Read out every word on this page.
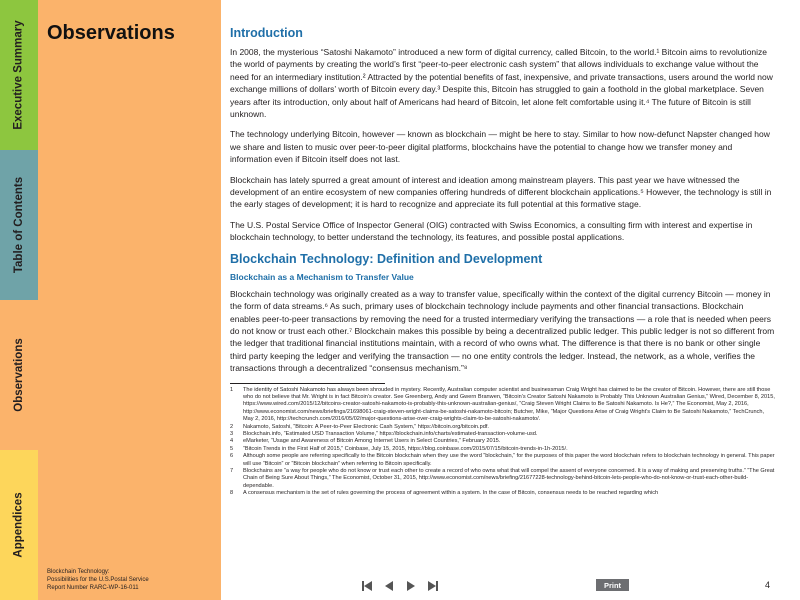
Executive Summary
Table of Contents
Observations
Appendices
Observations
Blockchain Technology:
Possibilities for the U.S.Postal Service
Report Number RARC-WP-16-011
Introduction

In 2008, the mysterious “Satoshi Nakamoto” introduced a new form of digital currency, called Bitcoin, to the world.¹ Bitcoin aims to revolutionize the world of payments by creating the world’s first “peer-to-peer electronic cash system” that allows individuals to exchange value without the need for an intermediary institution.² Attracted by the potential benefits of fast, inexpensive, and private transactions, users around the world now exchange millions of dollars’ worth of Bitcoin every day.³ Despite this, Bitcoin has struggled to gain a foothold in the global marketplace. Seven years after its introduction, only about half of Americans had heard of Bitcoin, let alone felt comfortable using it.⁴ The future of Bitcoin is still unknown.

The technology underlying Bitcoin, however — known as blockchain — might be here to stay. Similar to how now-defunct Napster changed how we share and listen to music over peer-to-peer digital platforms, blockchains have the potential to change how we transfer money and information even if Bitcoin itself does not last.

Blockchain has lately spurred a great amount of interest and ideation among mainstream players. This past year we have witnessed the development of an entire ecosystem of new companies offering hundreds of different blockchain applications.⁵ However, the technology is still in the early stages of development; it is hard to recognize and appreciate its full potential at this formative stage.

The U.S. Postal Service Office of Inspector General (OIG) contracted with Swiss Economics, a consulting firm with interest and expertise in blockchain technology, to better understand the technology, its features, and possible postal applications.

Blockchain Technology: Definition and Development
Blockchain as a Mechanism to Transfer Value

Blockchain technology was originally created as a way to transfer value, specifically within the context of the digital currency Bitcoin — money in the form of data streams.⁶ As such, primary uses of blockchain technology include payments and other financial transactions. Blockchain enables peer-to-peer transactions by removing the need for a trusted intermediary verifying the transactions — a role that is needed when peers do not know or trust each other.⁷ Blockchain makes this possible by being a decentralized public ledger. This public ledger is not so different from the ledger that traditional financial institutions maintain, with a record of who owns what. The difference is that there is no bank or other single third party keeping the ledger and verifying the transaction — no one entity controls the ledger. Instead, the network, as a whole, verifies the transactions through a decentralized “consensus mechanism.”⁸

1	The identity of Satoshi Nakamoto has always been shrouded in mystery. Recently, Australian computer scientist and businessman Craig Wright has claimed to be the creator of Bitcoin. However, there are still those who do not believe that Mr. Wright is in fact Bitcoin’s creator. See Greenberg, Andy and Gwern Branwen, “Bitcoin’s Creator Satoshi Nakamoto is Probably This Unknown Australian Genius,” Wired, December 8, 2015, https://www.wired.com/2015/12/bitcoins-creator-satoshi-nakamoto-is-probably-this-unknown-australian-genius/, “Craig Steven Wright Claims to Be Satoshi Nakamoto. Is He?,” The Economist, May 2, 2016, http://www.economist.com/news/briefings/21698061-craig-steven-wright-claims-be-satoshi-nakamoto-bitcoin; Butcher, Mike, “Major Questions Arise of Craig Wright’s Claim to Be Satoshi Nakamoto,” TechCrunch, May 2, 2016, http://techcrunch.com/2016/05/02/major-questions-arise-over-craig-wrights-claim-to-be-satoshi-nakamoto/.
2	Nakamoto, Satoshi, “Bitcoin: A Peer-to-Peer Electronic Cash System,” https://bitcoin.org/bitcoin.pdf.
3	Blockchain.info, “Estimated USD Transaction Volume,” https://blockchain.info/charts/estimated-transaction-volume-usd.
4	eMarketer, “Usage and Awareness of Bitcoin Among Internet Users in Select Countries,” February 2015.
5	“Bitcoin Trends in the First Half of 2015,” Coinbase, July 15, 2015, https://blog.coinbase.com/2015/07/15/bitcoin-trends-in-1h-2015/.
6	Although some people are referring specifically to the Bitcoin blockchain when they use the word “blockchain,” for the purposes of this paper the word blockchain refers to blockchain technology in general. This paper will use “Bitcoin” or “Bitcoin blockchain” when referring to Bitcoin specifically.
7	Blockchains are “a way for people who do not know or trust each other to create a record of who owns what that will compel the assent of everyone concerned. It is a way of making and preserving truths.” “The Great Chain of Being Sure About Things,” The Economist, October 31, 2015, http://www.economist.com/news/briefing/21677228-technology-behind-bitcoin-lets-people-who-do-not-know-or-trust-each-other-build-dependable.
8	A consensus mechanism is the set of rules governing the process of agreement within a system. In the case of Bitcoin, consensus needs to be reached regarding which
Print	4
